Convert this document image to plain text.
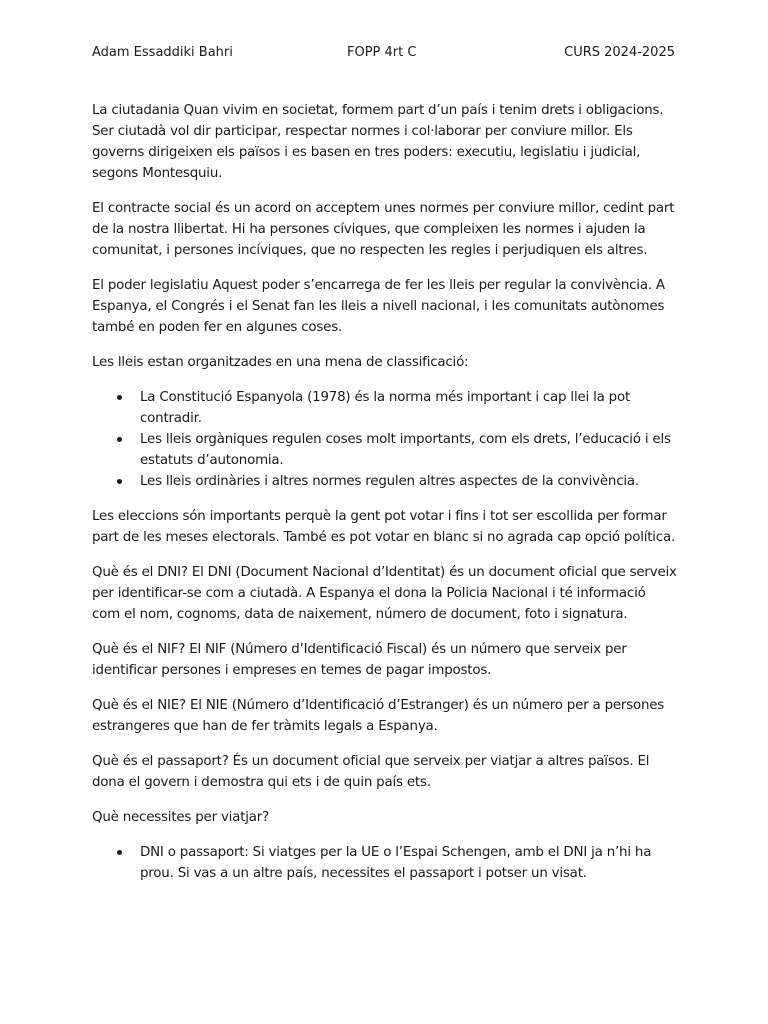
Adam Essaddiki Bahri	FOPP 4rt C	CURS 2024-2025

La ciutadania Quan vivim en societat, formem part d’un país i tenim drets i obligacions. Ser ciutadà vol dir participar, respectar normes i col·laborar per conviure millor. Els governs dirigeixen els països i es basen en tres poders: executiu, legislatiu i judicial, segons Montesquiu.

El contracte social és un acord on acceptem unes normes per conviure millor, cedint part de la nostra llibertat. Hi ha persones cíviques, que compleixen les normes i ajuden la comunitat, i persones incíviques, que no respecten les regles i perjudiquen els altres.

El poder legislatiu Aquest poder s’encarrega de fer les lleis per regular la convivència. A Espanya, el Congrés i el Senat fan les lleis a nivell nacional, i les comunitats autònomes també en poden fer en algunes coses.

Les lleis estan organitzades en una mena de classificació:

La Constitució Espanyola (1978) és la norma més important i cap llei la pot contradir.
Les lleis orgàniques regulen coses molt importants, com els drets, l’educació i els estatuts d’autonomia.
Les lleis ordinàries i altres normes regulen altres aspectes de la convivència.

Les eleccions són importants perquè la gent pot votar i fins i tot ser escollida per formar part de les meses electorals. També es pot votar en blanc si no agrada cap opció política.

Què és el DNI? El DNI (Document Nacional d’Identitat) és un document oficial que serveix per identificar-se com a ciutadà. A Espanya el dona la Policia Nacional i té informació com el nom, cognoms, data de naixement, número de document, foto i signatura.

Què és el NIF? El NIF (Número d’Identificació Fiscal) és un número que serveix per identificar persones i empreses en temes de pagar impostos.

Què és el NIE? El NIE (Número d’Identificació d’Estranger) és un número per a persones estrangeres que han de fer tràmits legals a Espanya.

Què és el passaport? És un document oficial que serveix per viatjar a altres països. El dona el govern i demostra qui ets i de quin país ets.

Què necessites per viatjar?

DNI o passaport: Si viatges per la UE o l’Espai Schengen, amb el DNI ja n’hi ha prou. Si vas a un altre país, necessites el passaport i potser un visat.
